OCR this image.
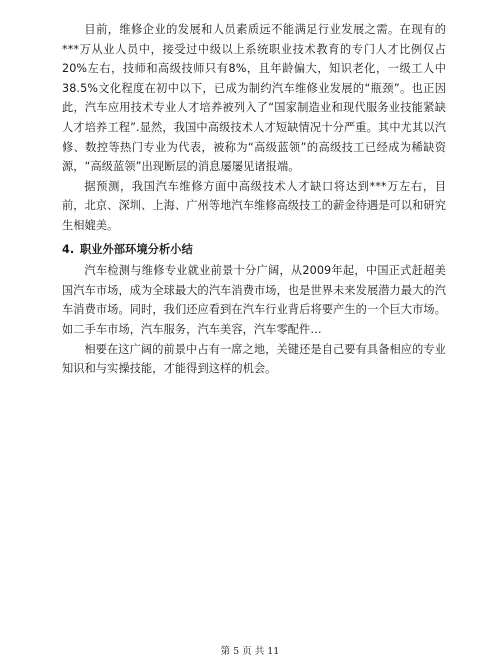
目前，维修企业的发展和人员素质远不能满足行业发展之需。在现有的***万从业人员中，接受过中级以上系统职业技术教育的专门人才比例仅占20%左右，技师和高级技师只有8%，且年龄偏大，知识老化，一级工人中38.5%文化程度在初中以下，已成为制约汽车维修业发展的“瓶颈”。也正因此，汽车应用技术专业人才培养被列入了“国家制造业和现代服务业技能紧缺人才培养工程”.显然，我国中高级技术人才短缺情况十分严重。其中尤其以汽修、数控等热门专业为代表，被称为“高级蓝领”的高级技工已经成为稀缺资源，“高级蓝领”出现断层的消息屡屡见诸报端。

据预测，我国汽车维修方面中高级技术人才缺口将达到***万左右，目前，北京、深圳、上海、广州等地汽车维修高级技工的薪金待遇是可以和研究生相媲美。

4. 职业外部环境分析小结

汽车检测与维修专业就业前景十分广阔，从2009年起，中国正式赶超美国汽车市场，成为全球最大的汽车消费市场，也是世界未来发展潜力最大的汽车消费市场。同时，我们还应看到在汽车行业背后将要产生的一个巨大市场。如二手车市场，汽车服务，汽车美容，汽车零配件…

相要在这广阔的前景中占有一席之地，关键还是自己要有具备相应的专业知识和与实操技能，才能得到这样的机会。

第 5 页 共 11
